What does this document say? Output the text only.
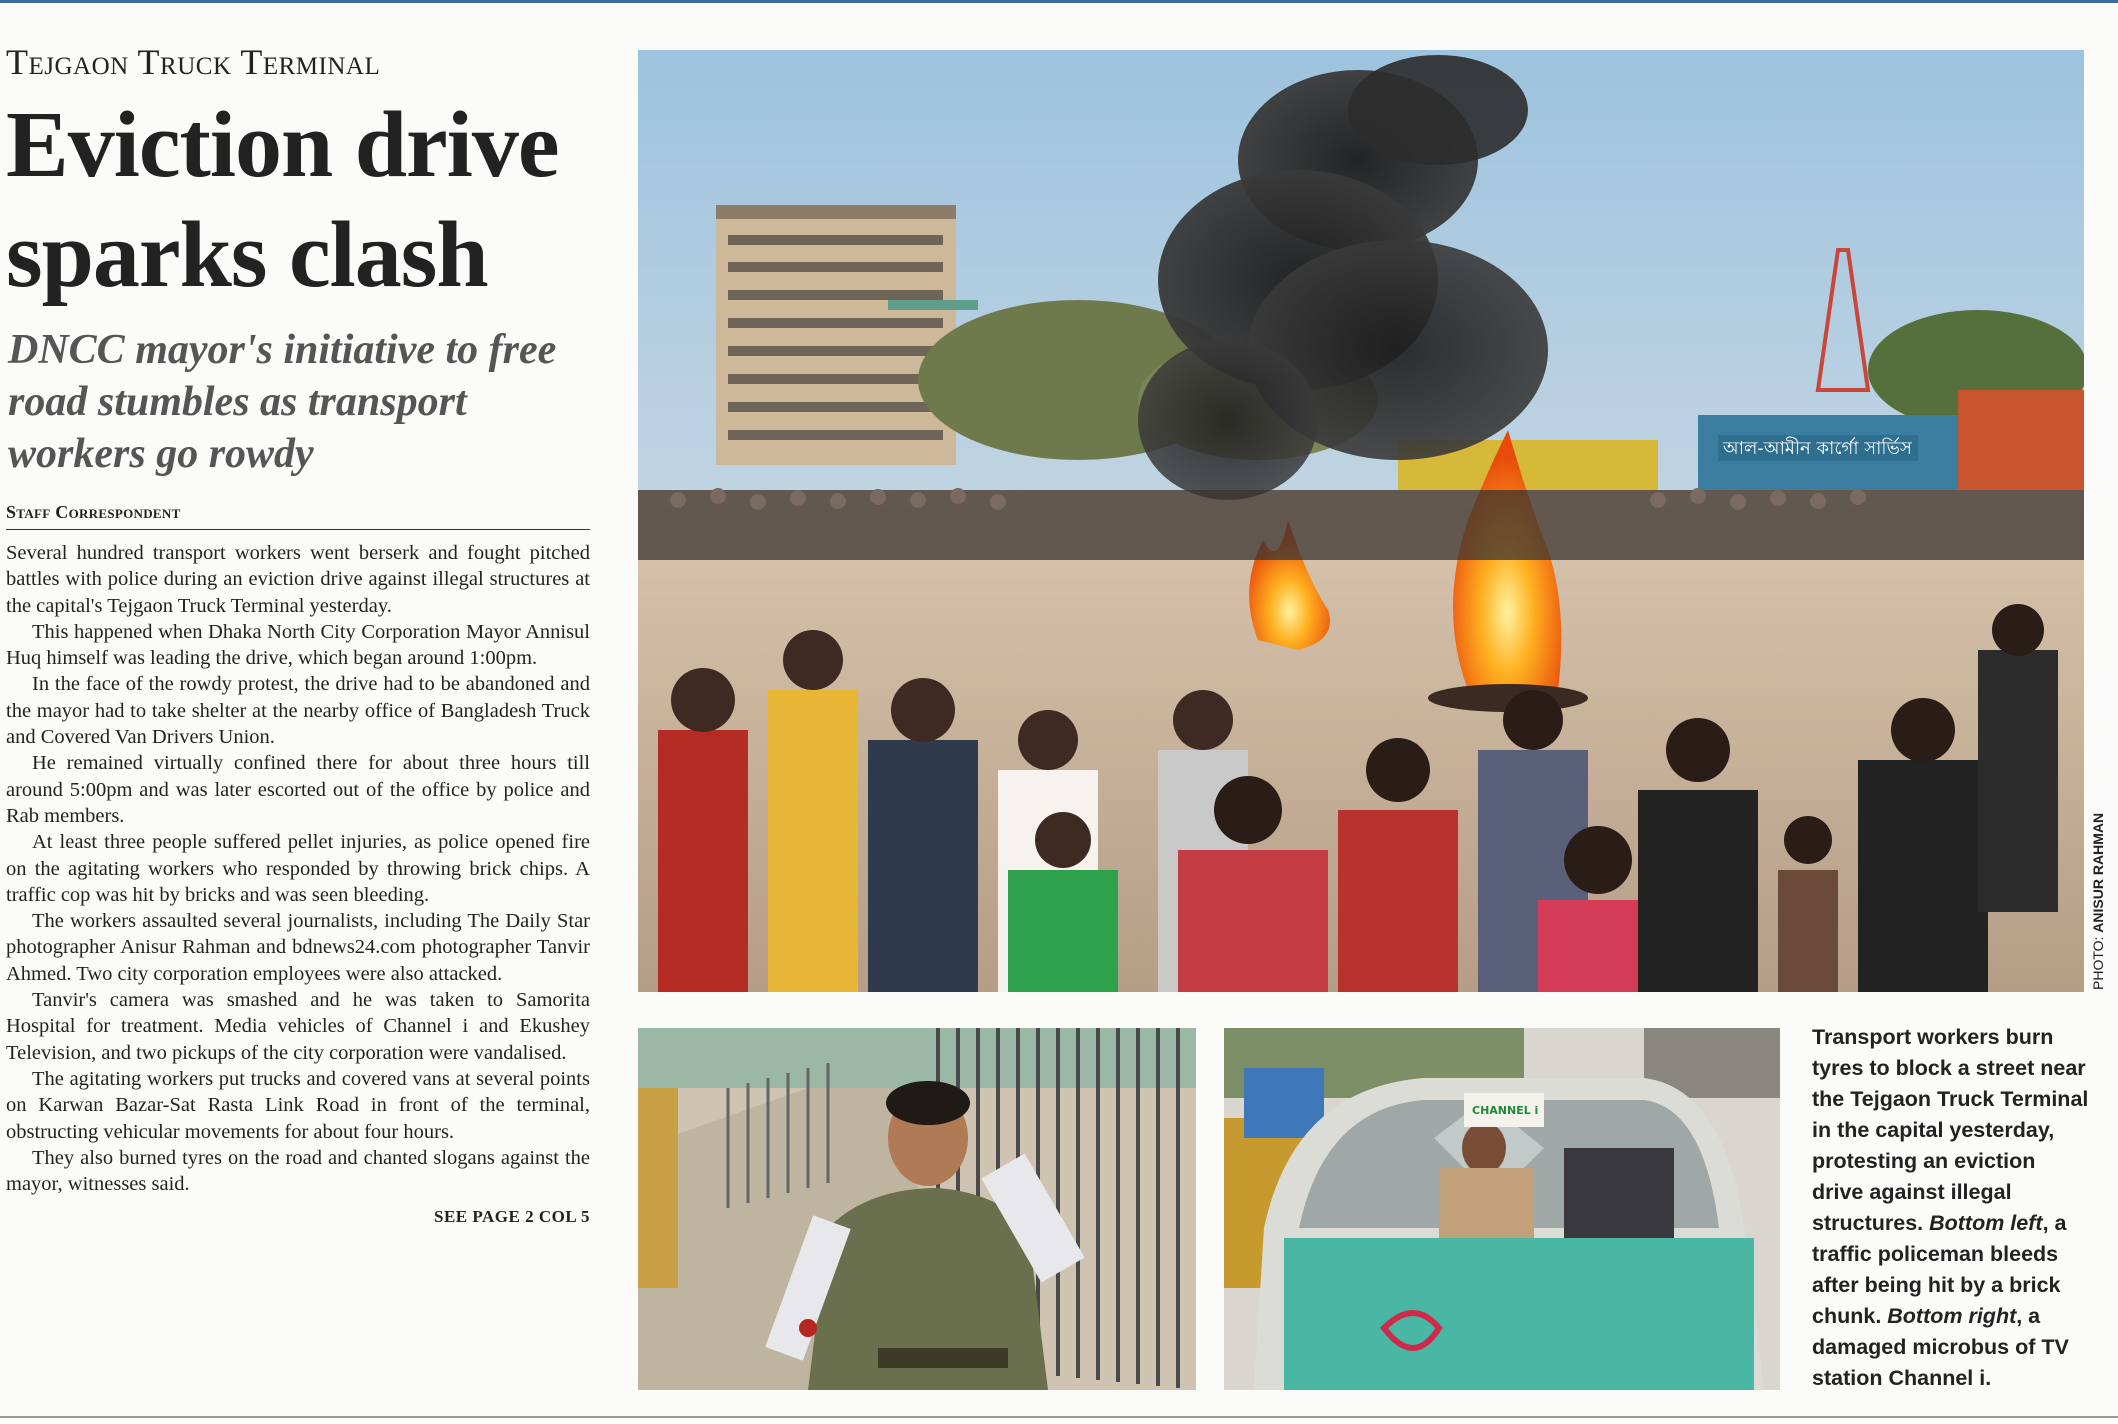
Tejgaon Truck Terminal
Eviction drive
sparks clash
DNCC mayor's initiative to free road stumbles as transport workers go rowdy
Staff Correspondent

Several hundred transport workers went berserk and fought pitched battles with police during an eviction drive against illegal structures at the capital's Tejgaon Truck Terminal yesterday.

This happened when Dhaka North City Corporation Mayor Annisul Huq himself was leading the drive, which began around 1:00pm.

In the face of the rowdy protest, the drive had to be abandoned and the mayor had to take shelter at the nearby office of Bangladesh Truck and Covered Van Drivers Union.

He remained virtually confined there for about three hours till around 5:00pm and was later escorted out of the office by police and Rab members.

At least three people suffered pellet injuries, as police opened fire on the agitating workers who responded by throwing brick chips. A traffic cop was hit by bricks and was seen bleeding.

The workers assaulted several journalists, including The Daily Star photographer Anisur Rahman and bdnews24.com photographer Tanvir Ahmed. Two city corporation employees were also attacked.

Tanvir's camera was smashed and he was taken to Samorita Hospital for treatment. Media vehicles of Channel i and Ekushey Television, and two pickups of the city corporation were vandalised.

The agitating workers put trucks and covered vans at several points on Karwan Bazar-Sat Rasta Link Road in front of the terminal, obstructing vehicular movements for about four hours.

They also burned tyres on the road and chanted slogans against the mayor, witnesses said.

SEE PAGE 2 COL 5
আল-আমীন কার্গো সার্ভিস
PHOTO: ANISUR RAHMAN
CHANNEL i
Transport workers burn tyres to block a street near the Tejgaon Truck Terminal in the capital yesterday, protesting an eviction drive against illegal structures. Bottom left, a traffic policeman bleeds after being hit by a brick chunk. Bottom right, a damaged microbus of TV station Channel i.
